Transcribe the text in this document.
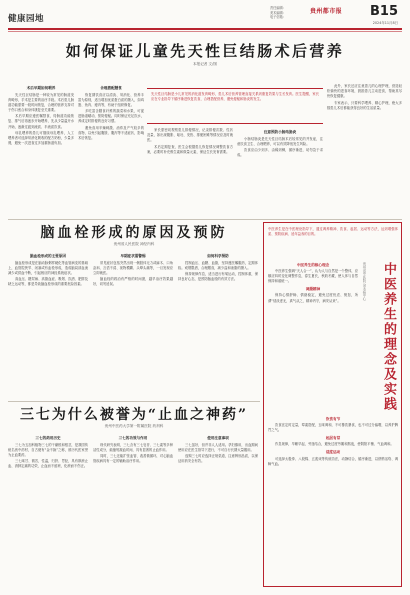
健康园地
责任编辑：
美术编辑：
电子信箱：
贵州都市报 B15
2024年11月8日
如何保证儿童先天性巨结肠术后营养
本报记者 文/图
先天性巨结肠是小儿常见的消化道发育畸形，患儿术后营养管理直接关系到康复效果与生长发育。医生提醒，家长应在专业指导下循序渐进恢复饮食，合理搭配营养，避免便秘和肠炎的发生。
术后早期如何喂养

先天性巨结肠是一种较为常见的肠道发育畸形，手术是主要的治疗手段。术后患儿肠道功能需要一段时间恢复，合理的营养支持对于伤口愈合和身体康复至关重要。

术后早期应遵医嘱禁食，待肠道功能恢复、排气后再逐步开始喂养，先从少量温开水开始，逐渐过渡到流质、半流质饮食。

母乳喂养的患儿可继续母乳喂养，人工喂养者可选择易消化吸收的配方奶粉，少量多餐，避免一次进食过多加重肠道负担。

合理搭配膳食

恢复期饮食应以清淡、易消化、营养丰富为原则，适当增加优质蛋白质的摄入，如鸡蛋、鱼肉、瘦肉等，有助于组织修复。

多吃富含膳食纤维的蔬菜和水果，可促进肠道蠕动，预防便秘。同时保证充足饮水，养成定时排便的良好习惯。

避免食用辛辣刺激、油炸及产气较多的食物，以免引起腹胀、腹泻等不适症状，影响术后恢复。

家长需密切观察患儿排便情况，记录排便次数、性状及量，如出现腹胀、呕吐、发热、排便困难等情况应及时就医。

术后定期复查，医生会根据患儿恢复情况调整饮食方案，必要时补充维生素和微量元素，保证生长发育需要。

注意预防小肠结肠炎

小肠结肠炎是先天性巨结肠术后较常见的并发症，注意饮食卫生、合理喂养，可以有效降低发生风险。

饮食应由少到多、由稀到稠，循序渐进，切勿急于求成。

此外，家长还应注意患儿的心理护理，营造轻松愉快的进食环境，鼓励患儿主动进食，帮助其尽快恢复健康。

专家表示，只要科学喂养、精心护理，绝大多数患儿术后都能获得良好的生活质量。

脑血栓形成的原因及预防
贵州省人民医院 神经内科
脑血栓形成的主要原因

脑血栓形成是在脑动脉粥样硬化等血管病变的基础上，血管腔狭窄、闭塞或有血栓形成，造成脑局部血流减少或供血中断，引起相应的神经系统症状。

高血压、糖尿病、高脂血症、吸烟、饮酒、肥胖及缺乏运动等，都是导致脑血栓形成的重要危险因素。

早期症状需警惕

常见症状包括突然出现一侧肢体无力或麻木、口角歪斜、言语不清、视物模糊、头晕头痛等，一旦发现应立即就医。

脑血栓的救治有严格的时间窗，越早治疗效果越好，切勿延误。

如何科学预防

控制血压、血糖、血脂，坚持遵医嘱服药，定期体检。戒烟限酒，合理膳食，减少盐和油脂的摄入。

保持规律作息，适当进行有氧运动，控制体重，保持良好心态，是预防脑血栓的有效方法。

三七为什么被誉为“止血之神药”
贵州中医药大学第一附属医院 药剂科
三七的药用历史

三七为五加科植物三七的干燥根和根茎，是我国传统名贵中药材，自古便有“金不换”之称，被历代医家誉为止血要药。

三七味甘、微苦，性温，归肝、胃经，具有散瘀止血、消肿定痛的功效，止血而不留瘀，化瘀而不伤正。

三七的功效与作用

现代研究表明，三七含有三七皂苷、三七素等多种活性成分，能缩短凝血时间，具有显著的止血作用。

同时，三七还能扩张血管、改善微循环，对心脑血管疾病具有一定的辅助治疗作用。

使用注意事项

三七虽好，但并非人人适用。孕妇慎用，出血期间使用应在医生指导下进行，不可自行长期大量服用。

选购三七时应选择正规渠道，注意辨别品质，以保证用药安全有效。

中医养生是在中医理论指导下，通过调养精神、饮食、起居、运动等方法，达到增强体质、预防疾病、延年益寿的目的。
中医养生的理念及实践
贵州省中医院 治未病中心
中医养生的核心理念

中医养生强调“天人合一”，认为人与自然是一个整体，应顺应四时变化调整作息，春生夏长，秋收冬藏，使人体与自然保持和谐统一。

调摄精神

保持心情舒畅、情绪稳定，避免过度忧虑、愤怒，所谓“恬淡虚无，真气从之，精神内守，病安从来”。

饮食有节

饮食宜定时定量，荤素搭配，五味调和，不可暴饮暴食，也不可过分偏嗜，以养护脾胃之气。

起居有常

作息规律，早睡早起，劳逸结合，避免过度劳累和熬夜，使阴阳平衡、气血调和。

适度运动

可选择太极拳、八段锦、五禽戏等传统功法，动静结合，循序渐进，以舒筋活络、调畅气血。
